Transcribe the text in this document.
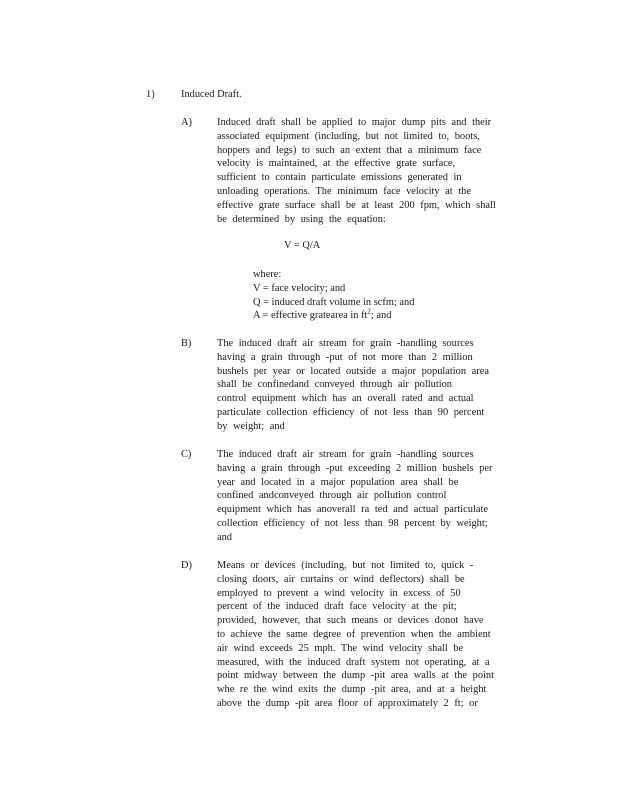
1)	Induced Draft.
A) Induced draft shall be applied to major dump pits and their
associated equipment (including, but not limited to, boots,
hoppers and legs) to such an extent that a minimum face
velocity is maintained, at the effective grate surface,
sufficient to contain particulate emissions generated in
unloading operations. The minimum face velocity at the
effective grate surface shall be at least 200 fpm, which shall
be determined by using the equation:
V = Q/A
where:
V = face velocity; and
Q = induced draft volume in scfm; and
A = effective gratearea in $ft^2$; and
B) The induced draft air stream for grain -handling sources
having a grain through -put of not more than 2 million
bushels per year or located outside a major population area
shall be confinedand conveyed through air pollution
control equipment which has an overall rated and actual
particulate collection efficiency of not less than 90 percent
by weight; and
C) The induced draft air stream for grain -handling sources
having a grain through -put exceeding 2 million bushels per
year and located in a major population area shall be
confined andconveyed through air pollution control
equipment which has anoverall ra ted and actual particulate
collection efficiency of not less than 98 percent by weight;
and
D) Means or devices (including, but not limited to, quick -
closing doors, air curtains or wind deflectors) shall be
employed to prevent a wind velocity in excess of 50
percent of the induced draft face velocity at the pit;
provided, however, that such means or devices donot have
to achieve the same degree of prevention when the ambient
air wind exceeds 25 mph. The wind velocity shall be
measured, with the induced draft system not operating, at a
point midway between the dump -pit area walls at the point
whe re the wind exits the dump -pit area, and at a height
above the dump -pit area floor of approximately 2 ft; or
